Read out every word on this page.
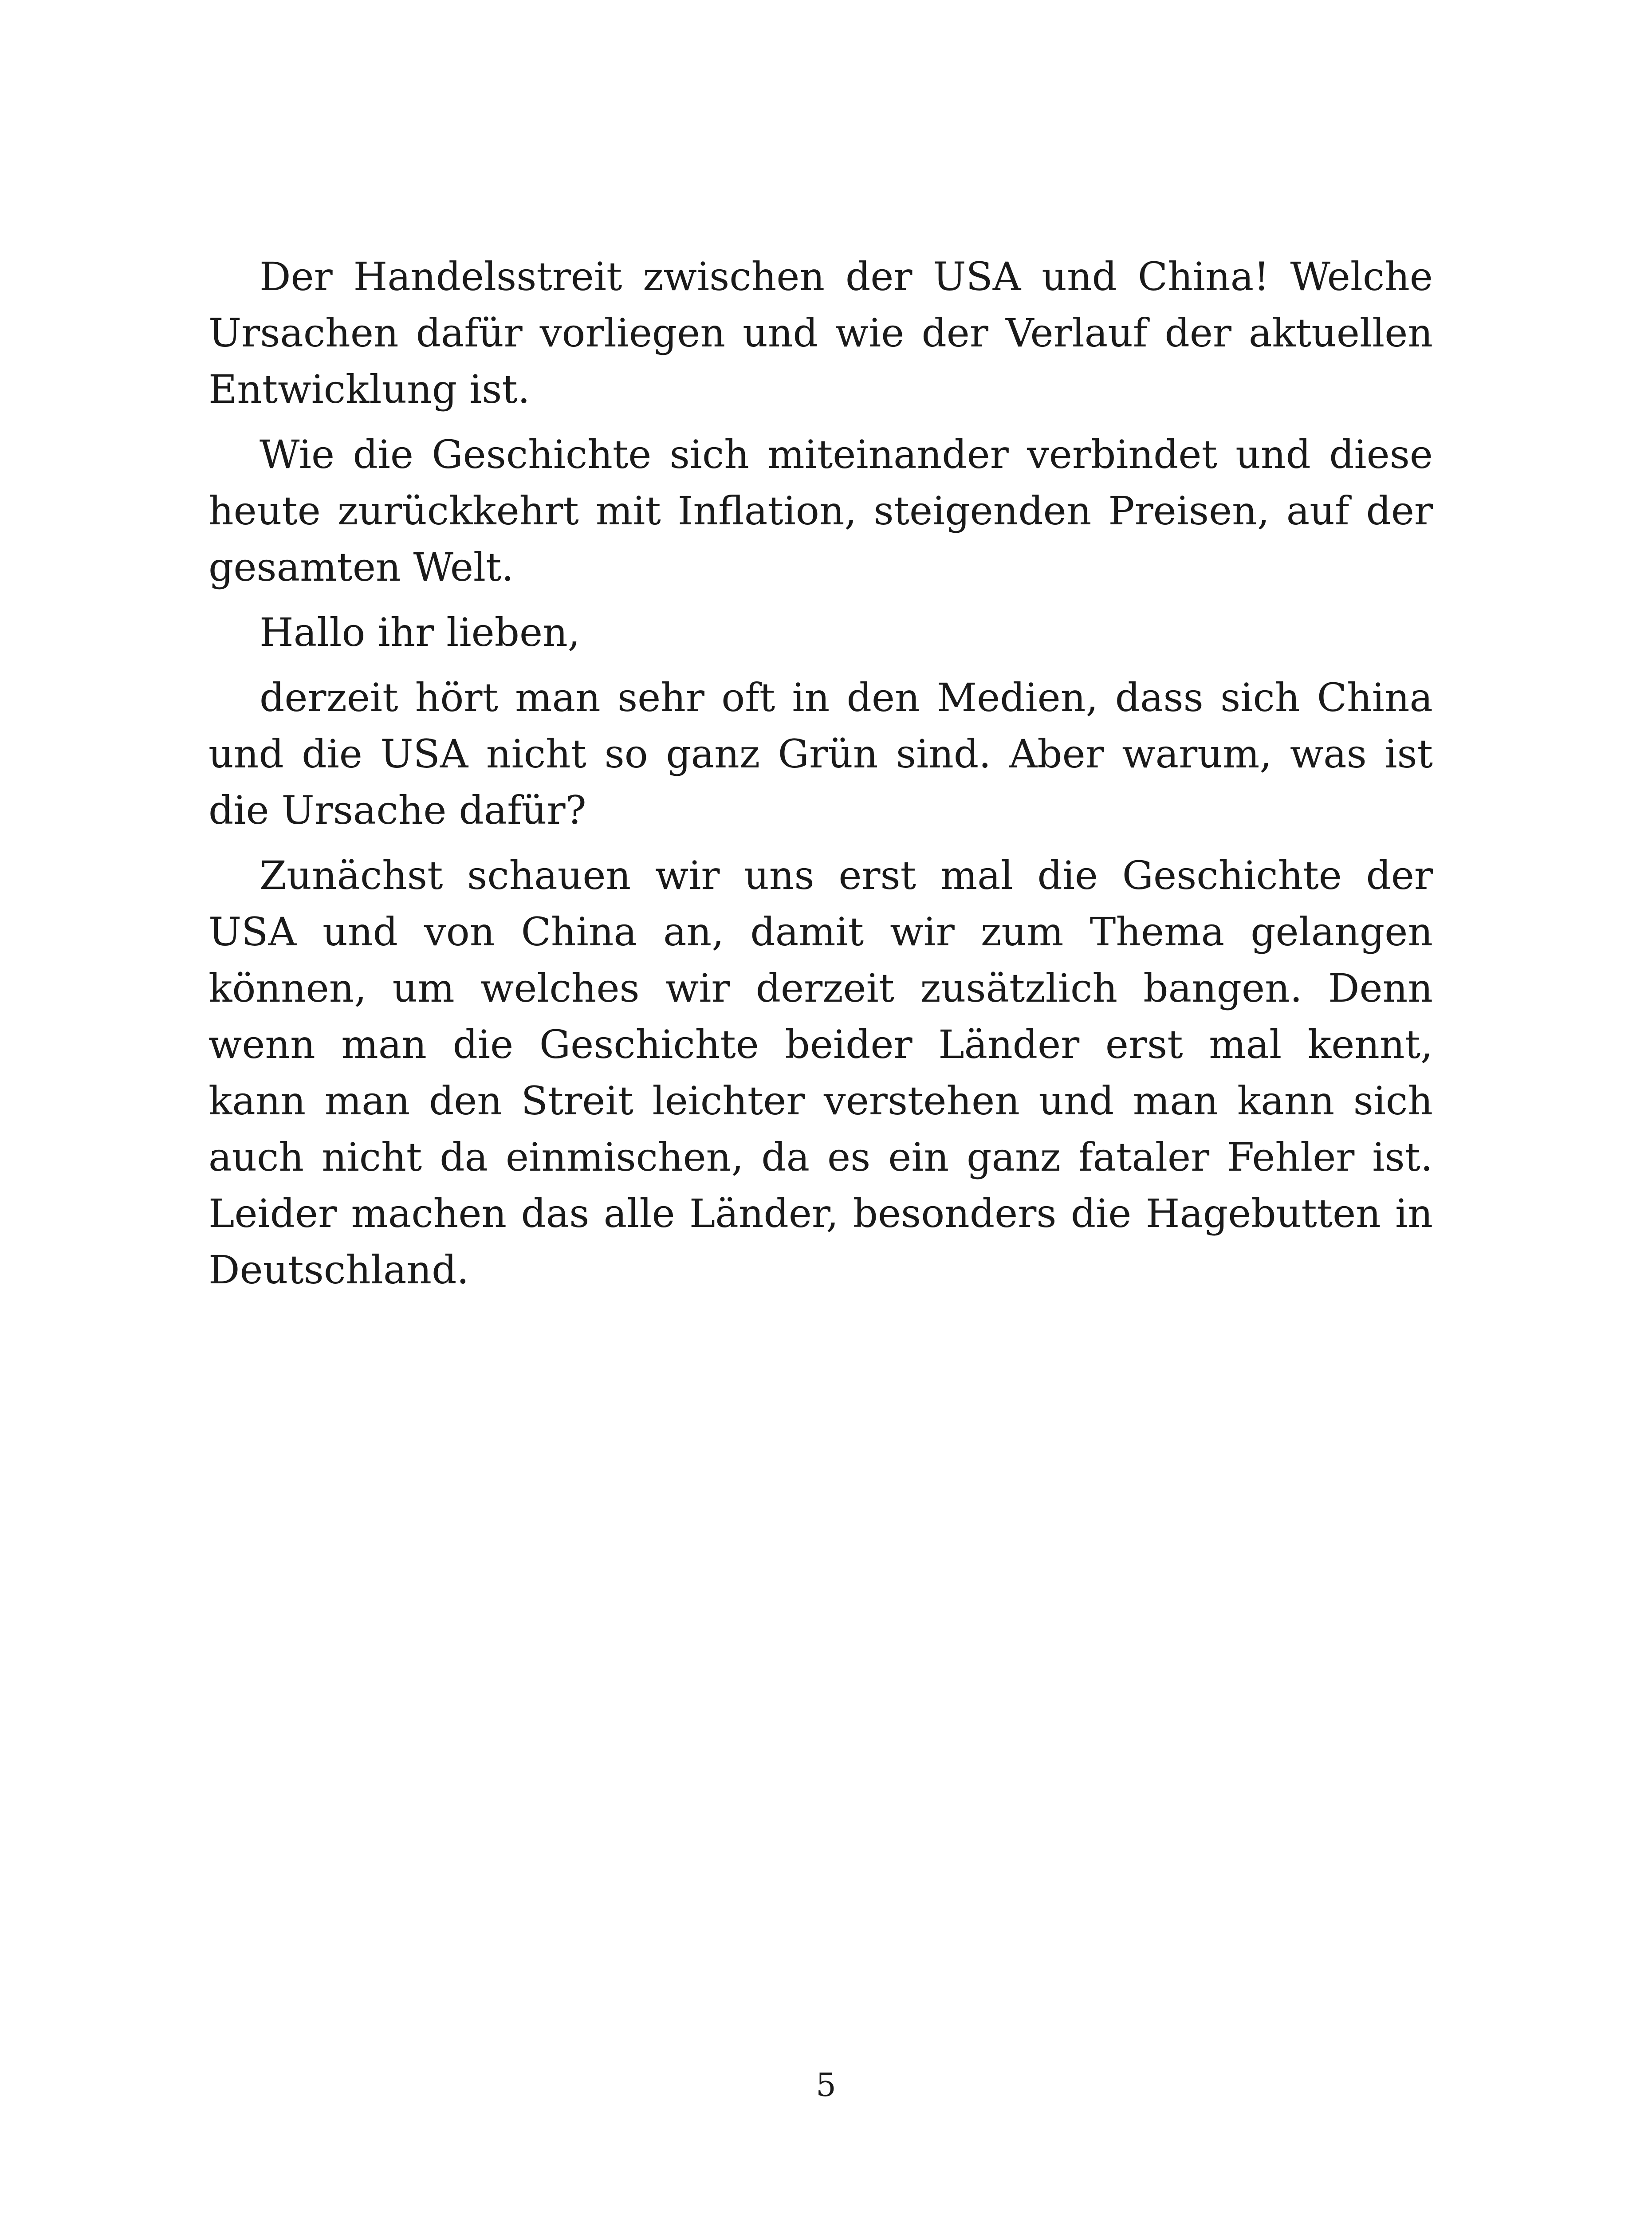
Der Handelsstreit zwischen der USA und China! Welche Ursachen dafür vorliegen und wie der Verlauf der aktuellen Entwicklung ist.

Wie die Geschichte sich miteinander verbindet und diese heute zurückkehrt mit Inflation, steigenden Preisen, auf der gesamten Welt.

Hallo ihr lieben,

derzeit hört man sehr oft in den Medien, dass sich China und die USA nicht so ganz Grün sind. Aber warum, was ist die Ursache dafür?

Zunächst schauen wir uns erst mal die Geschichte der USA und von China an, damit wir zum Thema gelangen können, um welches wir derzeit zusätzlich bangen. Denn wenn man die Geschichte beider Länder erst mal kennt, kann man den Streit leichter verstehen und man kann sich auch nicht da einmischen, da es ein ganz fataler Fehler ist. Leider machen das alle Länder, besonders die Hagebutten in Deutschland.

5
